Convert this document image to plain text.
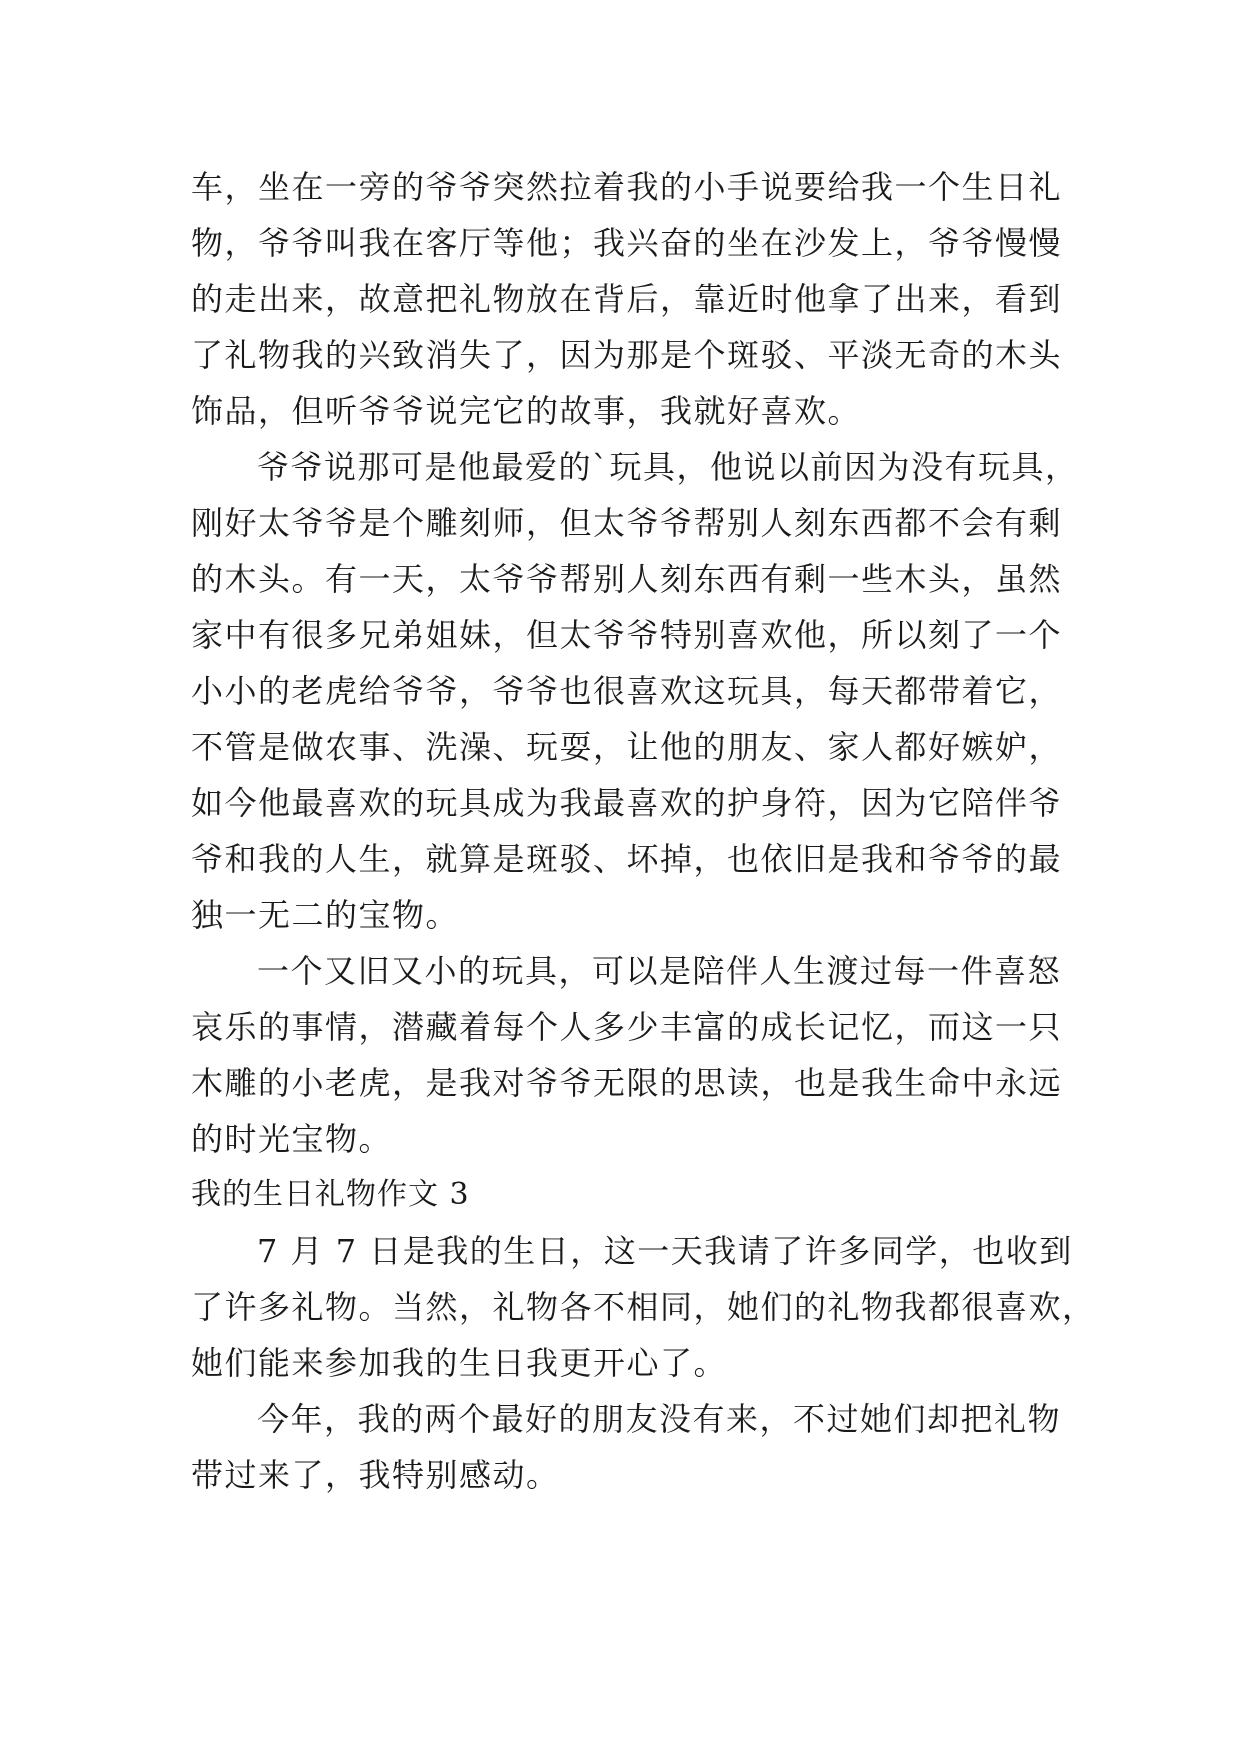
车，坐在一旁的爷爷突然拉着我的小手说要给我一个生日礼
物，爷爷叫我在客厅等他；我兴奋的坐在沙发上，爷爷慢慢
的走出来，故意把礼物放在背后，靠近时他拿了出来，看到
了礼物我的兴致消失了，因为那是个斑驳、平淡无奇的木头
饰品，但听爷爷说完它的故事，我就好喜欢。
爷爷说那可是他最爱的`玩具，他说以前因为没有玩具，
刚好太爷爷是个雕刻师，但太爷爷帮别人刻东西都不会有剩
的木头。有一天，太爷爷帮别人刻东西有剩一些木头，虽然
家中有很多兄弟姐妹，但太爷爷特别喜欢他，所以刻了一个
小小的老虎给爷爷，爷爷也很喜欢这玩具，每天都带着它，
不管是做农事、洗澡、玩耍，让他的朋友、家人都好嫉妒，
如今他最喜欢的玩具成为我最喜欢的护身符，因为它陪伴爷
爷和我的人生，就算是斑驳、坏掉，也依旧是我和爷爷的最
独一无二的宝物。
一个又旧又小的玩具，可以是陪伴人生渡过每一件喜怒
哀乐的事情，潜藏着每个人多少丰富的成长记忆，而这一只
木雕的小老虎，是我对爷爷无限的思读，也是我生命中永远
的时光宝物。
我的生日礼物作文 3
7 月 7 日是我的生日，这一天我请了许多同学，也收到
了许多礼物。当然，礼物各不相同，她们的礼物我都很喜欢，
她们能来参加我的生日我更开心了。
今年，我的两个最好的朋友没有来，不过她们却把礼物
带过来了，我特别感动。
